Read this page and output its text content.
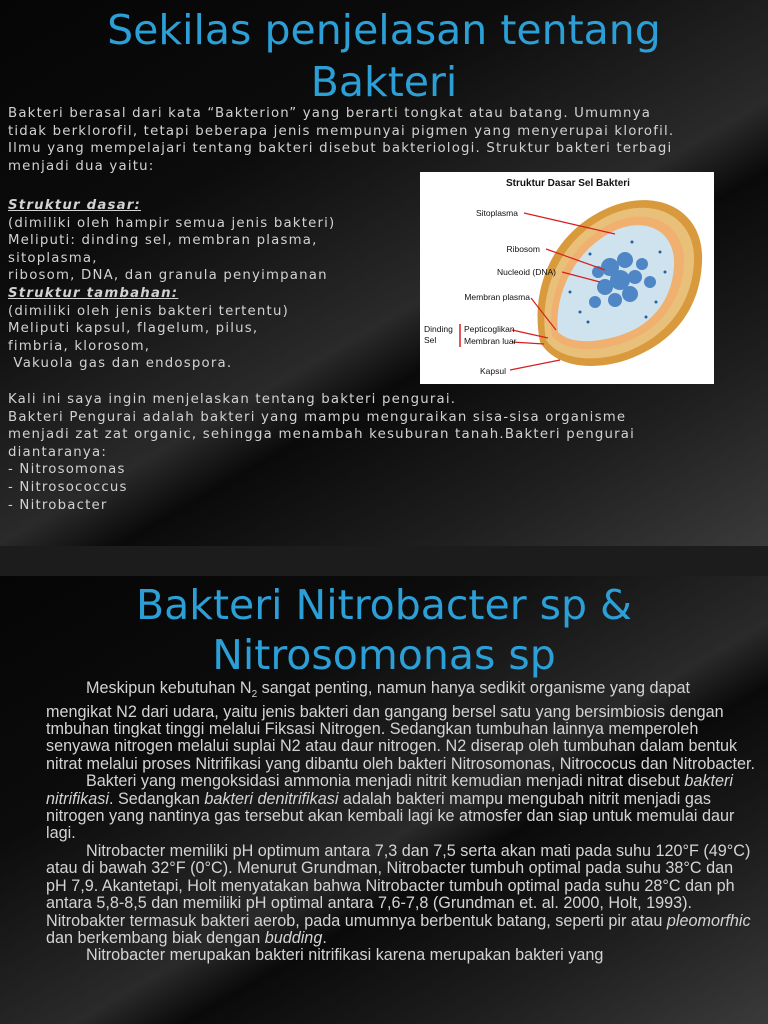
Sekilas penjelasan tentang
Bakteri

Bakteri berasal dari kata “Bakterion” yang berarti tongkat atau batang. Umumnya

tidak berklorofil, tetapi beberapa jenis mempunyai pigmen yang menyerupai klorofil.

Ilmu yang mempelajari tentang bakteri disebut bakteriologi. Struktur bakteri terbagi

menjadi dua yaitu:

Struktur dasar:

(dimiliki oleh hampir semua jenis bakteri)

Meliputi: dinding sel, membran plasma,

sitoplasma,

ribosom, DNA, dan granula penyimpanan

Struktur tambahan:

(dimiliki oleh jenis bakteri tertentu)

Meliputi kapsul, flagelum, pilus,

fimbria, klorosom,

Vakuola gas dan endospora.

Struktur Dasar Sel Bakteri
Sitoplasma
Ribosom
Nucleoid (DNA)
Membran plasma
Dinding
Sel
Pepticoglikan
Membran luar
Kapsul

Kali ini saya ingin menjelaskan tentang bakteri pengurai.

Bakteri Pengurai adalah bakteri yang mampu menguraikan sisa-sisa organisme

menjadi zat zat organic, sehingga menambah kesuburan tanah.Bakteri pengurai

diantaranya:

- Nitrosomonas

- Nitrosococcus

- Nitrobacter

Bakteri Nitrobacter sp &
Nitrosomonas sp

Meskipun kebutuhan $N_2$ sangat penting, namun hanya sedikit organisme yang dapat mengikat N2 dari udara, yaitu jenis bakteri dan gangang bersel satu yang bersimbiosis dengan tmbuhan tingkat tinggi melalui Fiksasi Nitrogen. Sedangkan tumbuhan lainnya memperoleh senyawa nitrogen melalui suplai N2 atau daur nitrogen. N2 diserap oleh tumbuhan dalam bentuk nitrat melalui proses Nitrifikasi yang dibantu oleh bakteri Nitrosomonas, Nitrococus dan Nitrobacter.

Bakteri yang mengoksidasi ammonia menjadi nitrit kemudian menjadi nitrat disebut bakteri nitrifikasi. Sedangkan bakteri denitrifikasi adalah bakteri mampu mengubah nitrit menjadi gas nitrogen yang nantinya gas tersebut akan kembali lagi ke atmosfer dan siap untuk memulai daur lagi.

Nitrobacter memiliki pH optimum antara 7,3 dan 7,5 serta akan mati pada suhu 120°F (49°C) atau di bawah 32°F (0°C). Menurut Grundman, Nitrobacter tumbuh optimal pada suhu 38°C dan pH 7,9. Akantetapi, Holt menyatakan bahwa Nitrobacter tumbuh optimal pada suhu 28°C dan ph antara 5,8-8,5 dan memiliki pH optimal antara 7,6-7,8 (Grundman et. al. 2000, Holt, 1993). Nitrobakter termasuk bakteri aerob, pada umumnya berbentuk batang, seperti pir atau pleomorfhic dan berkembang biak dengan budding.

Nitrobacter merupakan bakteri nitrifikasi karena merupakan bakteri yang
